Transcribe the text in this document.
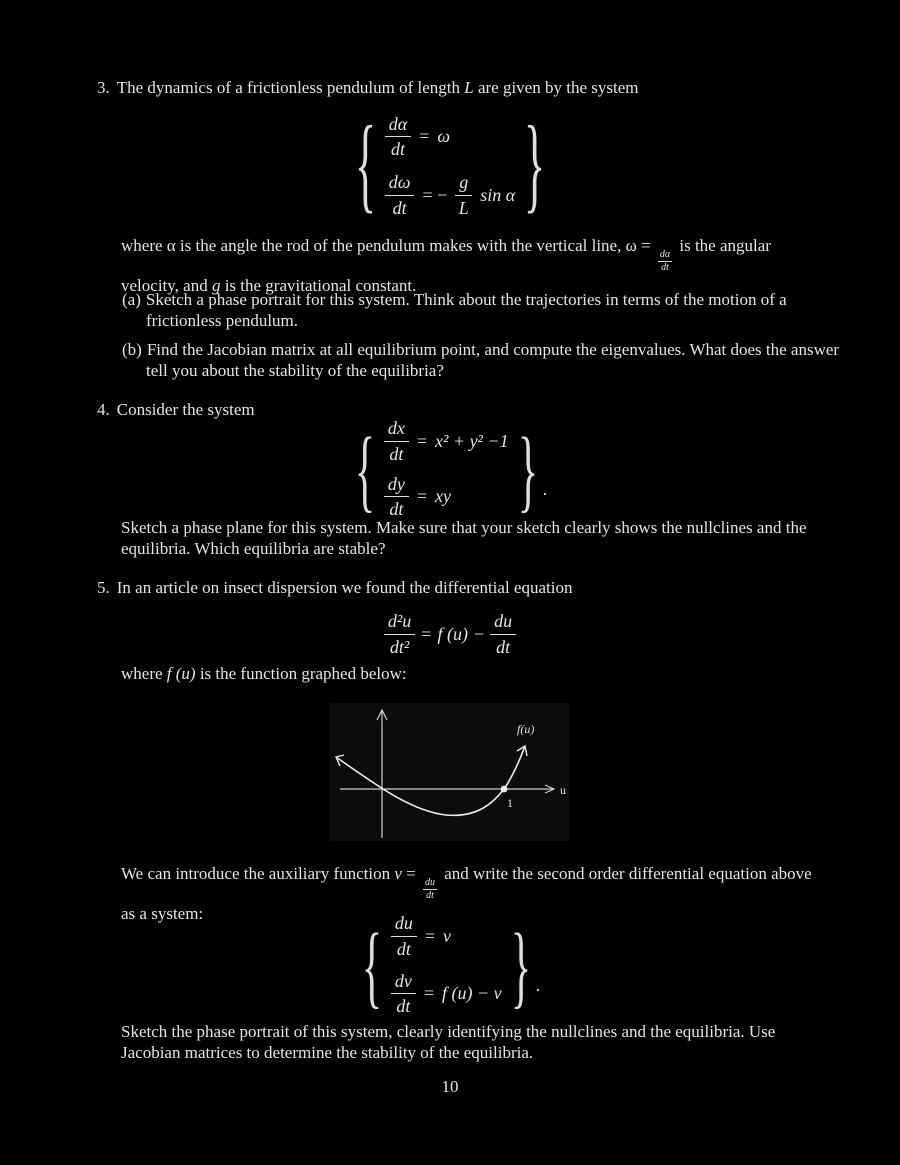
3. The dynamics of a frictionless pendulum of length L are given by the system
{ $\frac{d\alpha}{dt} = \omega$
$\frac{d\omega}{dt}$ = − $\frac{g}{L}$ sin α }
where α is the angle the rod of the pendulum makes with the vertical line, ω =
$\frac{d\alpha}{dt}$
is the angular velocity, and g is the gravitational constant.
(a) Sketch a phase portrait for this system. Think about the trajectories in terms of the motion of a frictionless pendulum.
(b) Find the Jacobian matrix at all equilibrium point, and compute the eigenvalues. What does the answer tell you about the stability of the equilibria?
4. Consider the system
{ $\frac{dx}{dt} = x^2 + y^2 -1$
$\frac{dy}{dt}$ = xy } .
Sketch a phase plane for this system. Make sure that your sketch clearly shows the nullclines and the equilibria. Which equilibria are stable?
5. In an article on insect dispersion we found the differential equation
$\frac{\text{d²u}}{\text{dt²}} = f$ $(u) - \frac{du}{dt}$
where f (u) is the function graphed below:
u
1
f(u)
We can introduce the auxiliary function v =
$\frac{du}{dt}$
and write the second order differential equation above as a system:	{ $\frac{du}{dt} = v$
$\frac{dv}{dt} = f$ (u) − v } .
Sketch the phase portrait of this system, clearly identifying the nullclines and the equilibria. Use Jacobian matrices to determine the stability of the equilibria.
10
